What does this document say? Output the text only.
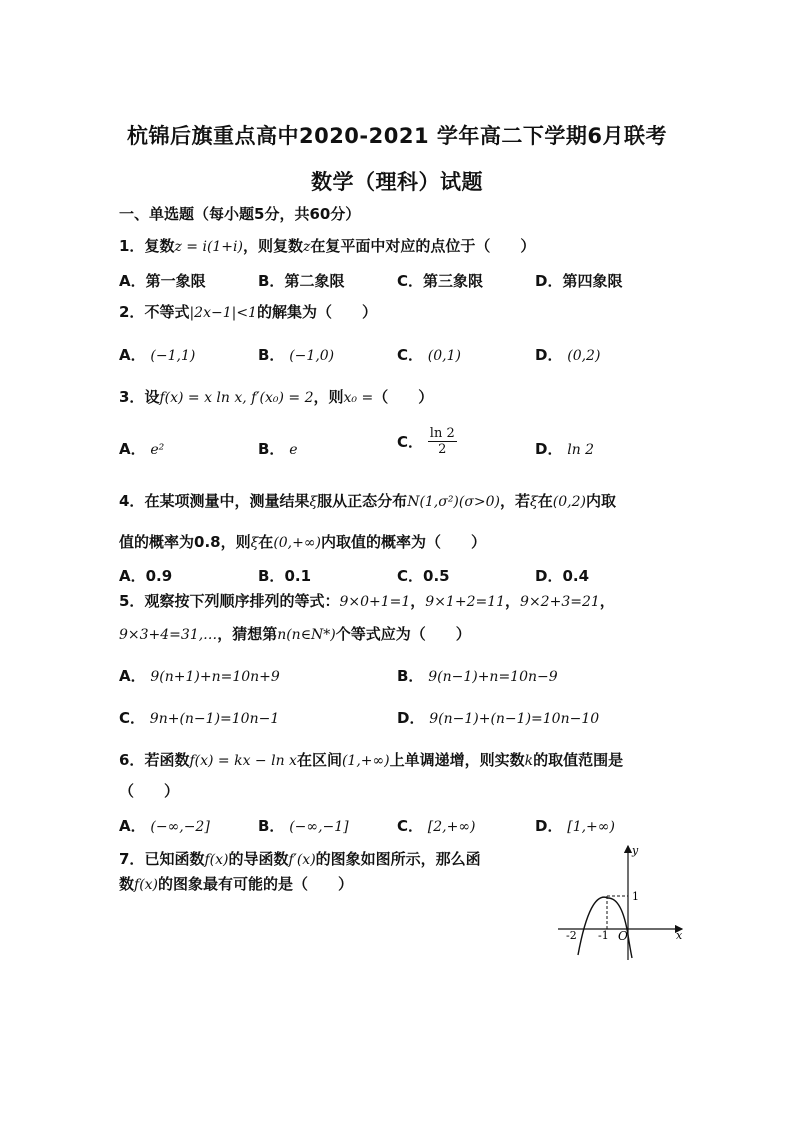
杭锦后旗重点高中2020-2021 学年高二下学期6月联考
数学（理科）试题
一、单选题（每小题5分，共60分）
1．复数z = i(1+i)，则复数z在复平面中对应的点位于（　　）
A．第一象限	B．第二象限	C．第三象限	D．第四象限
2．不等式|2x−1|<1的解集为（　　）
A． (−1,1)	B． (−1,0)	C． (0,1)	D． (0,2)
3．设f(x) = x ln x, f′(x₀) = 2，则x₀ =（　　）
A． e²	B． e	C． $\frac{\ln 2}{2}$	D． ln 2
4．在某项测量中，测量结果ξ服从正态分布N(1,σ²)(σ>0)，若ξ在(0,2)内取
值的概率为0.8，则ξ在(0,+∞)内取值的概率为（　　）
A．0.9	B．0.1	C．0.5	D．0.4
5．观察按下列顺序排列的等式：9×0+1=1，9×1+2=11，9×2+3=21，
9×3+4=31,…，猜想第n(n∈N*)个等式应为（　　）
A． 9(n+1)+n=10n+9	B． 9(n−1)+n=10n−9
C． 9n+(n−1)=10n−1	D． 9(n−1)+(n−1)=10n−10
6．若函数f(x) = kx − ln x在区间(1,+∞)上单调递增，则实数k的取值范围是
（　　）
A． (−∞,−2]	B． (−∞,−1]	C． [2,+∞)	D． [1,+∞)
7．已知函数f(x)的导函数f′(x)的图象如图所示，那么函
数f(x)的图象最有可能的是（　　）
y
x
O
-2 -1
1
